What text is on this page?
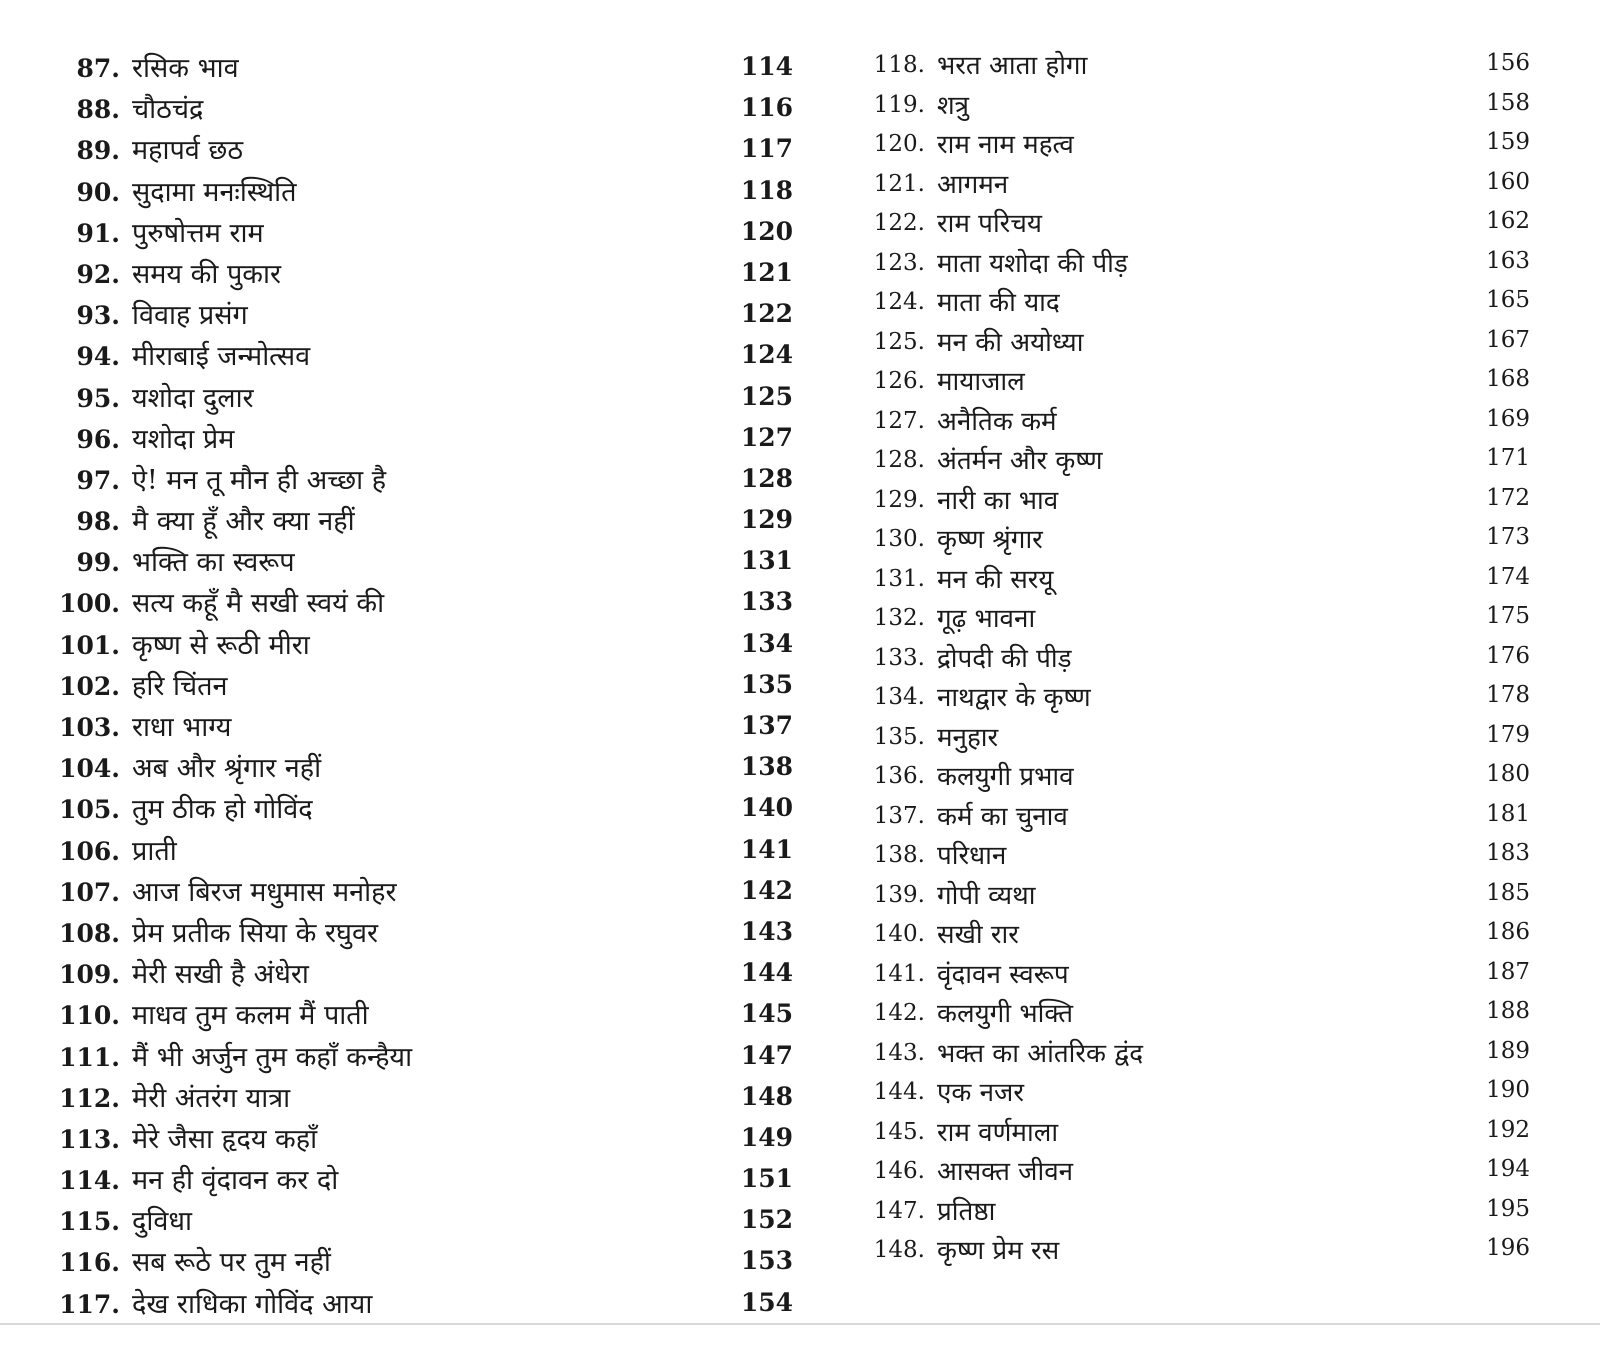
87. रसिक भाव	114
88. चौठचंद्र	116
89. महापर्व छठ	117
90. सुदामा मनःस्थिति	118
91. पुरुषोत्तम राम	120
92. समय की पुकार	121
93. विवाह प्रसंग	122
94. मीराबाई जन्मोत्सव	124
95. यशोदा दुलार	125
96. यशोदा प्रेम	127
97. ऐ! मन तू मौन ही अच्छा है	128
98. मै क्या हूँ और क्या नहीं	129
99. भक्ति का स्वरूप	131
100. सत्य कहूँ मै सखी स्वयं की	133
101. कृष्ण से रूठी मीरा	134
102. हरि चिंतन	135
103. राधा भाग्य	137
104. अब और श्रृंगार नहीं	138
105. तुम ठीक हो गोविंद	140
106. प्राती	141
107. आज बिरज मधुमास मनोहर	142
108. प्रेम प्रतीक सिया के रघुवर	143
109. मेरी सखी है अंधेरा	144
110. माधव तुम कलम मैं पाती	145
111. मैं भी अर्जुन तुम कहाँ कन्हैया	147
112. मेरी अंतरंग यात्रा	148
113. मेरे जैसा हृदय कहाँ	149
114. मन ही वृंदावन कर दो	151
115. दुविधा	152
116. सब रूठे पर तुम नहीं	153
117. देख राधिका गोविंद आया	154
118. भरत आता होगा	156
119. शत्रु	158
120. राम नाम महत्व	159
121. आगमन	160
122. राम परिचय	162
123. माता यशोदा की पीड़	163
124. माता की याद	165
125. मन की अयोध्या	167
126. मायाजाल	168
127. अनैतिक कर्म	169
128. अंतर्मन और कृष्ण	171
129. नारी का भाव	172
130. कृष्ण श्रृंगार	173
131. मन की सरयू	174
132. गूढ़ भावना	175
133. द्रोपदी की पीड़	176
134. नाथद्वार के कृष्ण	178
135. मनुहार	179
136. कलयुगी प्रभाव	180
137. कर्म का चुनाव	181
138. परिधान	183
139. गोपी व्यथा	185
140. सखी रार	186
141. वृंदावन स्वरूप	187
142. कलयुगी भक्ति	188
143. भक्त का आंतरिक द्वंद	189
144. एक नजर	190
145. राम वर्णमाला	192
146. आसक्त जीवन	194
147. प्रतिष्ठा	195
148. कृष्ण प्रेम रस	196
